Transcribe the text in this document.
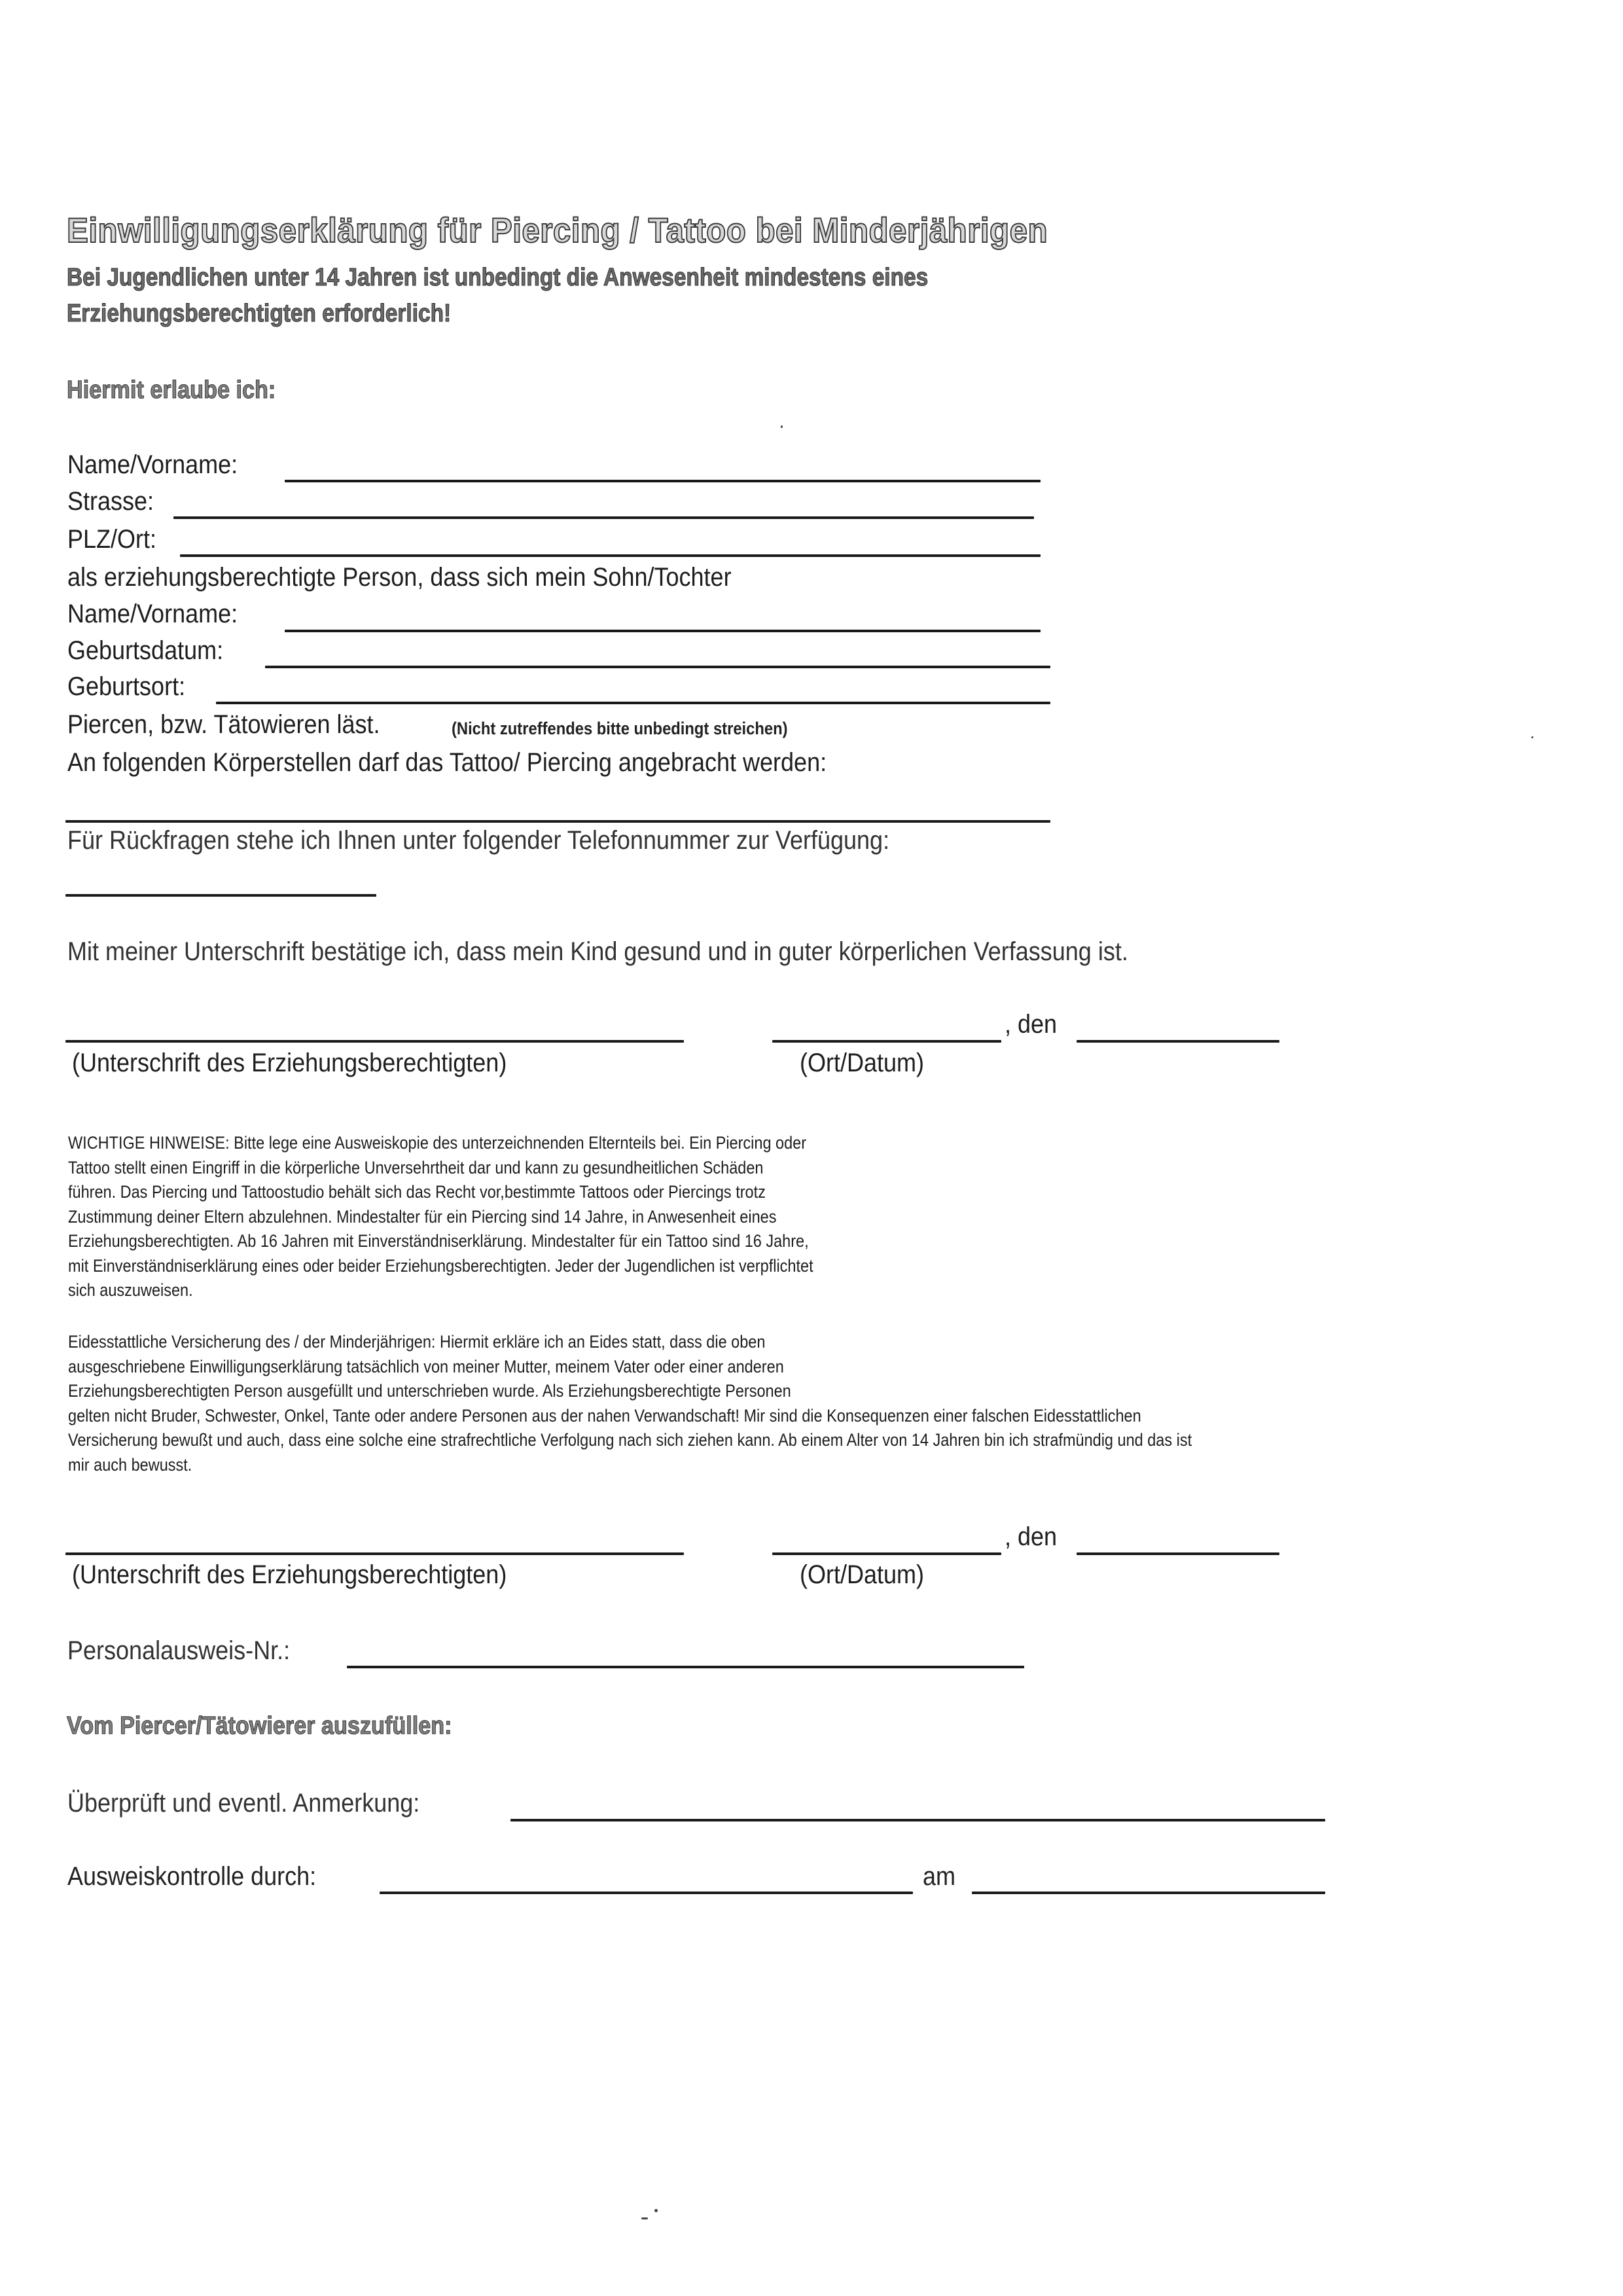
Einwilligungserklärung für Piercing / Tattoo bei Minderjährigen
Bei Jugendlichen unter 14 Jahren ist unbedingt die Anwesenheit mindestens eines
Erziehungsberechtigten erforderlich!
Hiermit erlaube ich:
Name/Vorname:
Strasse:
PLZ/Ort:
als erziehungsberechtigte Person, dass sich mein Sohn/Tochter
Name/Vorname:
Geburtsdatum:
Geburtsort:
Piercen, bzw. Tätowieren läst.	(Nicht zutreffendes bitte unbedingt streichen)
An folgenden Körperstellen darf das Tattoo/ Piercing angebracht werden:
Für Rückfragen stehe ich Ihnen unter folgender Telefonnummer zur Verfügung:
Mit meiner Unterschrift bestätige ich, dass mein Kind gesund und in guter körperlichen Verfassung ist.
, den
(Unterschrift des Erziehungsberechtigten)	(Ort/Datum)
WICHTIGE HINWEISE: Bitte lege eine Ausweiskopie des unterzeichnenden Elternteils bei. Ein Piercing oder
Tattoo stellt einen Eingriff in die körperliche Unversehrtheit dar und kann zu gesundheitlichen Schäden
führen. Das Piercing und Tattoostudio behält sich das Recht vor,bestimmte Tattoos oder Piercings trotz
Zustimmung deiner Eltern abzulehnen. Mindestalter für ein Piercing sind 14 Jahre, in Anwesenheit eines
Erziehungsberechtigten. Ab 16 Jahren mit Einverständniserklärung. Mindestalter für ein Tattoo sind 16 Jahre,
mit Einverständniserklärung eines oder beider Erziehungsberechtigten. Jeder der Jugendlichen ist verpflichtet
sich auszuweisen.
Eidesstattliche Versicherung des / der Minderjährigen: Hiermit erkläre ich an Eides statt, dass die oben
ausgeschriebene Einwilligungserklärung tatsächlich von meiner Mutter, meinem Vater oder einer anderen
Erziehungsberechtigten Person ausgefüllt und unterschrieben wurde. Als Erziehungsberechtigte Personen
gelten nicht Bruder, Schwester, Onkel, Tante oder andere Personen aus der nahen Verwandschaft! Mir sind die Konsequenzen einer falschen Eidesstattlichen
Versicherung bewußt und auch, dass eine solche eine strafrechtliche Verfolgung nach sich ziehen kann. Ab einem Alter von 14 Jahren bin ich strafmündig und das ist
mir auch bewusst.
, den
(Unterschrift des Erziehungsberechtigten)	(Ort/Datum)
Personalausweis-Nr.:
Vom Piercer/Tätowierer auszufüllen:
Überprüft und eventl. Anmerkung:
Ausweiskontrolle durch:	am
